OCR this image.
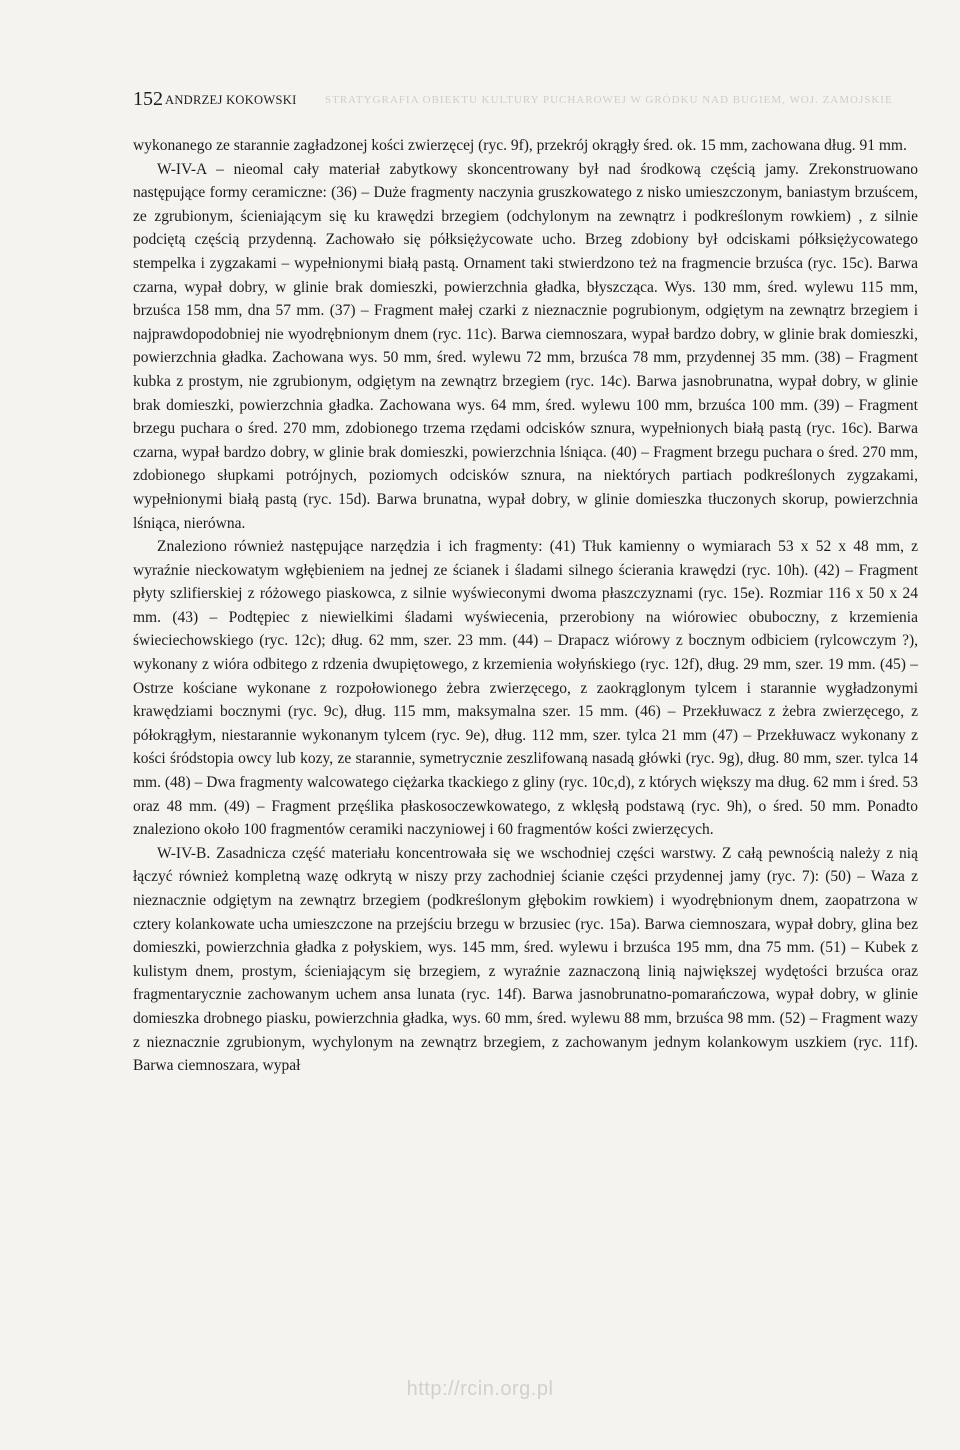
152 ANDRZEJ KOKOWSKI	STRATYGRAFIA OBIEKTU KULTURY PUCHAROWEJ W GRÓDKU NAD BUGIEM, WOJ. ZAMOJSKIE

wykonanego ze starannie zagładzonej kości zwierzęcej (ryc. 9f), przekrój okrągły śred. ok. 15 mm, zachowana dług. 91 mm.

W-IV-A – nieomal cały materiał zabytkowy skoncentrowany był nad środkową częścią jamy. Zrekonstruowano następujące formy ceramiczne: (36) – Duże fragmenty naczynia gruszkowatego z nisko umieszczonym, baniastym brzuścem, ze zgrubionym, ścieniającym się ku krawędzi brzegiem (odchylonym na zewnątrz i podkreślonym rowkiem) , z silnie podciętą częścią przydenną. Zachowało się półksiężycowate ucho. Brzeg zdobiony był odciskami półksiężycowatego stempelka i zygzakami – wypełnionymi białą pastą. Ornament taki stwierdzono też na fragmencie brzuśca (ryc. 15c). Barwa czarna, wypał dobry, w glinie brak domieszki, powierzchnia gładka, błyszcząca. Wys. 130 mm, śred. wylewu 115 mm, brzuśca 158 mm, dna 57 mm. (37) – Fragment małej czarki z nieznacznie pogrubionym, odgiętym na zewnątrz brzegiem i najprawdopodobniej nie wyodrębnionym dnem (ryc. 11c). Barwa ciemnoszara, wypał bardzo dobry, w glinie brak domieszki, powierzchnia gładka. Zachowana wys. 50 mm, śred. wylewu 72 mm, brzuśca 78 mm, przydennej 35 mm. (38) – Fragment kubka z prostym, nie zgrubionym, odgiętym na zewnątrz brzegiem (ryc. 14c). Barwa jasnobrunatna, wypał dobry, w glinie brak domieszki, powierzchnia gładka. Zachowana wys. 64 mm, śred. wylewu 100 mm, brzuśca 100 mm. (39) – Fragment brzegu puchara o śred. 270 mm, zdobionego trzema rzędami odcisków sznura, wypełnionych białą pastą (ryc. 16c). Barwa czarna, wypał bardzo dobry, w glinie brak domieszki, powierzchnia lśniąca. (40) – Fragment brzegu puchara o śred. 270 mm, zdobionego słupkami potrójnych, poziomych odcisków sznura, na niektórych partiach podkreślonych zygzakami, wypełnionymi białą pastą (ryc. 15d). Barwa brunatna, wypał dobry, w glinie domieszka tłuczonych skorup, powierzchnia lśniąca, nierówna.

Znaleziono również następujące narzędzia i ich fragmenty: (41) Tłuk kamienny o wymiarach 53 x 52 x 48 mm, z wyraźnie nieckowatym wgłębieniem na jednej ze ścianek i śladami silnego ścierania krawędzi (ryc. 10h). (42) – Fragment płyty szlifierskiej z różowego piaskowca, z silnie wyświeconymi dwoma płaszczyznami (ryc. 15e). Rozmiar 116 x 50 x 24 mm. (43) – Podtępiec z niewielkimi śladami wyświecenia, przerobiony na wiórowiec obuboczny, z krzemienia świeciechowskiego (ryc. 12c); dług. 62 mm, szer. 23 mm. (44) – Drapacz wiórowy z bocznym odbiciem (rylcowczym ?), wykonany z wióra odbitego z rdzenia dwupiętowego, z krzemienia wołyńskiego (ryc. 12f), dług. 29 mm, szer. 19 mm. (45) – Ostrze kościane wykonane z rozpołowionego żebra zwierzęcego, z zaokrąglonym tylcem i starannie wygładzonymi krawędziami bocznymi (ryc. 9c), dług. 115 mm, maksymalna szer. 15 mm. (46) – Przekłuwacz z żebra zwierzęcego, z półokrągłym, niestarannie wykonanym tylcem (ryc. 9e), dług. 112 mm, szer. tylca 21 mm (47) – Przekłuwacz wykonany z kości śródstopia owcy lub kozy, ze starannie, symetrycznie zeszlifowaną nasadą główki (ryc. 9g), dług. 80 mm, szer. tylca 14 mm. (48) – Dwa fragmenty walcowatego ciężarka tkackiego z gliny (ryc. 10c,d), z których większy ma dług. 62 mm i śred. 53 oraz 48 mm. (49) – Fragment przęślika płaskosoczewkowatego, z wklęsłą podstawą (ryc. 9h), o śred. 50 mm. Ponadto znaleziono około 100 fragmentów ceramiki naczyniowej i 60 fragmentów kości zwierzęcych.

W-IV-B. Zasadnicza część materiału koncentrowała się we wschodniej części warstwy. Z całą pewnością należy z nią łączyć również kompletną wazę odkrytą w niszy przy zachodniej ścianie części przydennej jamy (ryc. 7): (50) – Waza z nieznacznie odgiętym na zewnątrz brzegiem (podkreślonym głębokim rowkiem) i wyodrębnionym dnem, zaopatrzona w cztery kolankowate ucha umieszczone na przejściu brzegu w brzusiec (ryc. 15a). Barwa ciemnoszara, wypał dobry, glina bez domieszki, powierzchnia gładka z połyskiem, wys. 145 mm, śred. wylewu i brzuśca 195 mm, dna 75 mm. (51) – Kubek z kulistym dnem, prostym, ścieniającym się brzegiem, z wyraźnie zaznaczoną linią największej wydętości brzuśca oraz fragmentarycznie zachowanym uchem ansa lunata (ryc. 14f). Barwa jasnobrunatno-pomarańczowa, wypał dobry, w glinie domieszka drobnego piasku, powierzchnia gładka, wys. 60 mm, śred. wylewu 88 mm, brzuśca 98 mm. (52) – Fragment wazy z nieznacznie zgrubionym, wychylonym na zewnątrz brzegiem, z zachowanym jednym kolankowym uszkiem (ryc. 11f). Barwa ciemnoszara, wypał

http://rcin.org.pl
